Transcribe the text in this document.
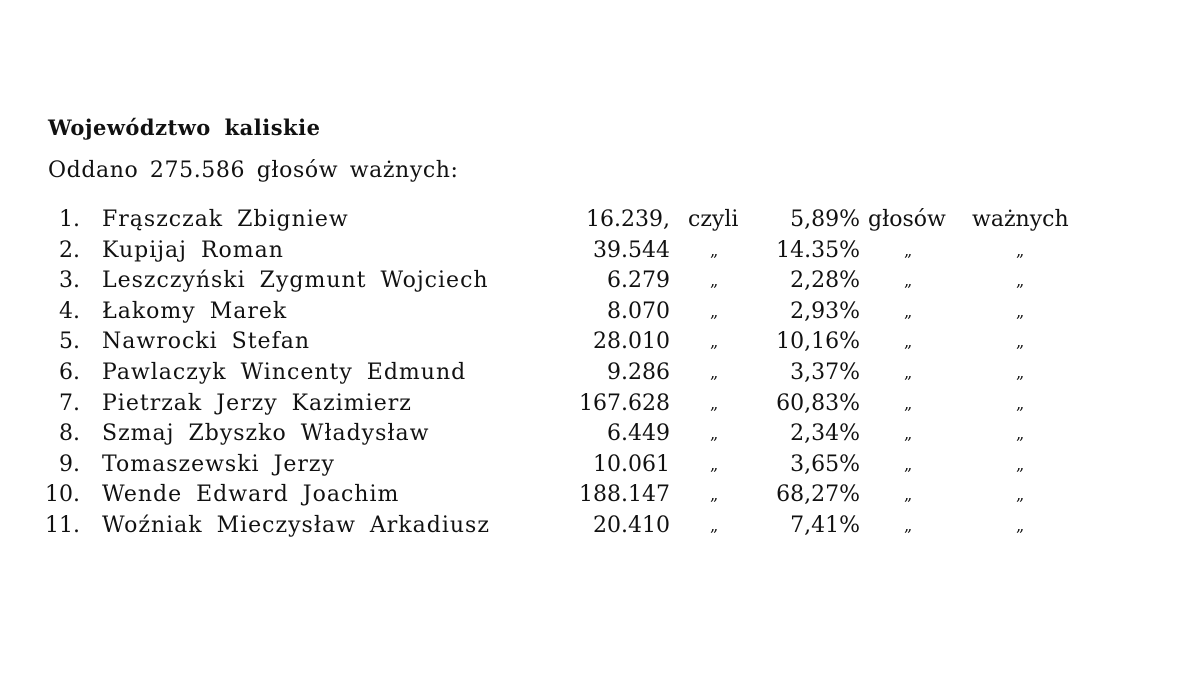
Województwo kaliskie
Oddano 275.586 głosów ważnych:
1. Frąszczak Zbigniew	16.239, czyli	5,89% głosów	ważnych
2. Kupijaj Roman	39.544	„	14.35%	„	„
3. Leszczyński Zygmunt Wojciech	6.279	„	2,28%	„	„
4. Łakomy Marek	8.070	„	2,93%	„	„
5. Nawrocki Stefan	28.010	„	10,16%	„	„
6. Pawlaczyk Wincenty Edmund	9.286	„	3,37%	„	„
7. Pietrzak Jerzy Kazimierz	167.628	„	60,83%	„	„
8. Szmaj Zbyszko Władysław	6.449	„	2,34%	„	„
9. Tomaszewski Jerzy	10.061	„	3,65%	„	„
10. Wende Edward Joachim	188.147	„	68,27%	„	„
11. Woźniak Mieczysław Arkadiusz	20.410	„	7,41%	„	„
